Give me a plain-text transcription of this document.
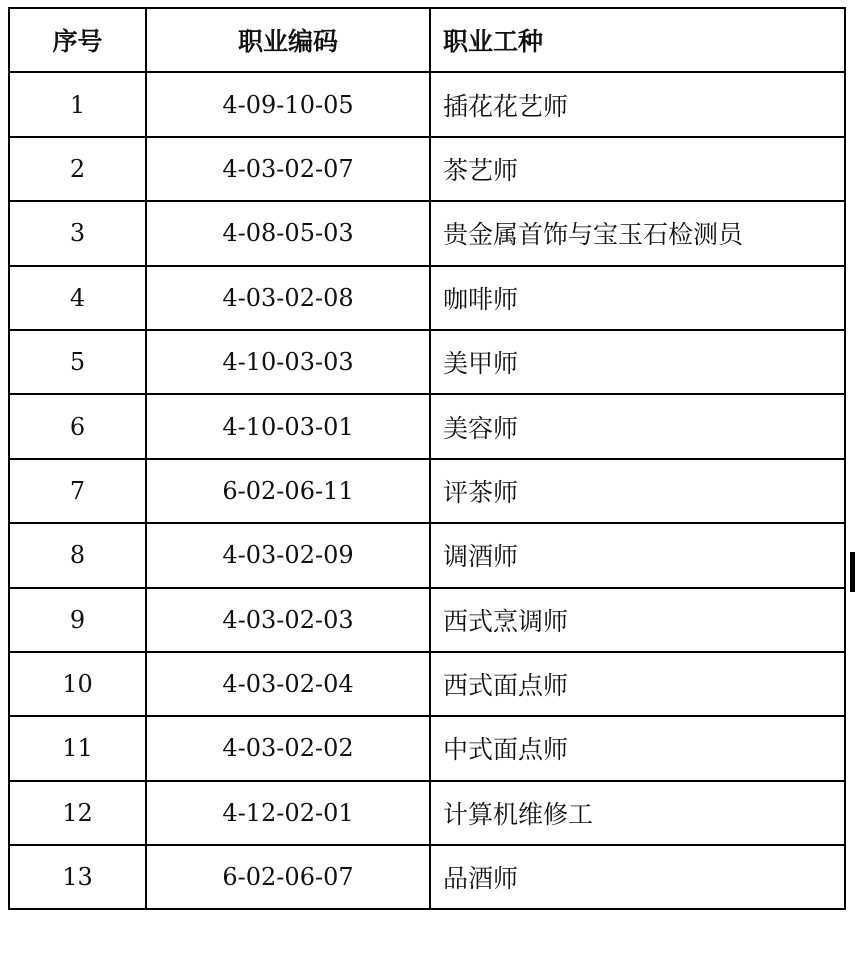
序号	职业编码	职业工种
1	4-09-10-05	插花花艺师
2	4-03-02-07	茶艺师
3	4-08-05-03	贵金属首饰与宝玉石检测员
4	4-03-02-08	咖啡师
5	4-10-03-03	美甲师
6	4-10-03-01	美容师
7	6-02-06-11	评茶师
8	4-03-02-09	调酒师
9	4-03-02-03	西式烹调师
10	4-03-02-04	西式面点师
11	4-03-02-02	中式面点师
12	4-12-02-01	计算机维修工
13	6-02-06-07	品酒师
